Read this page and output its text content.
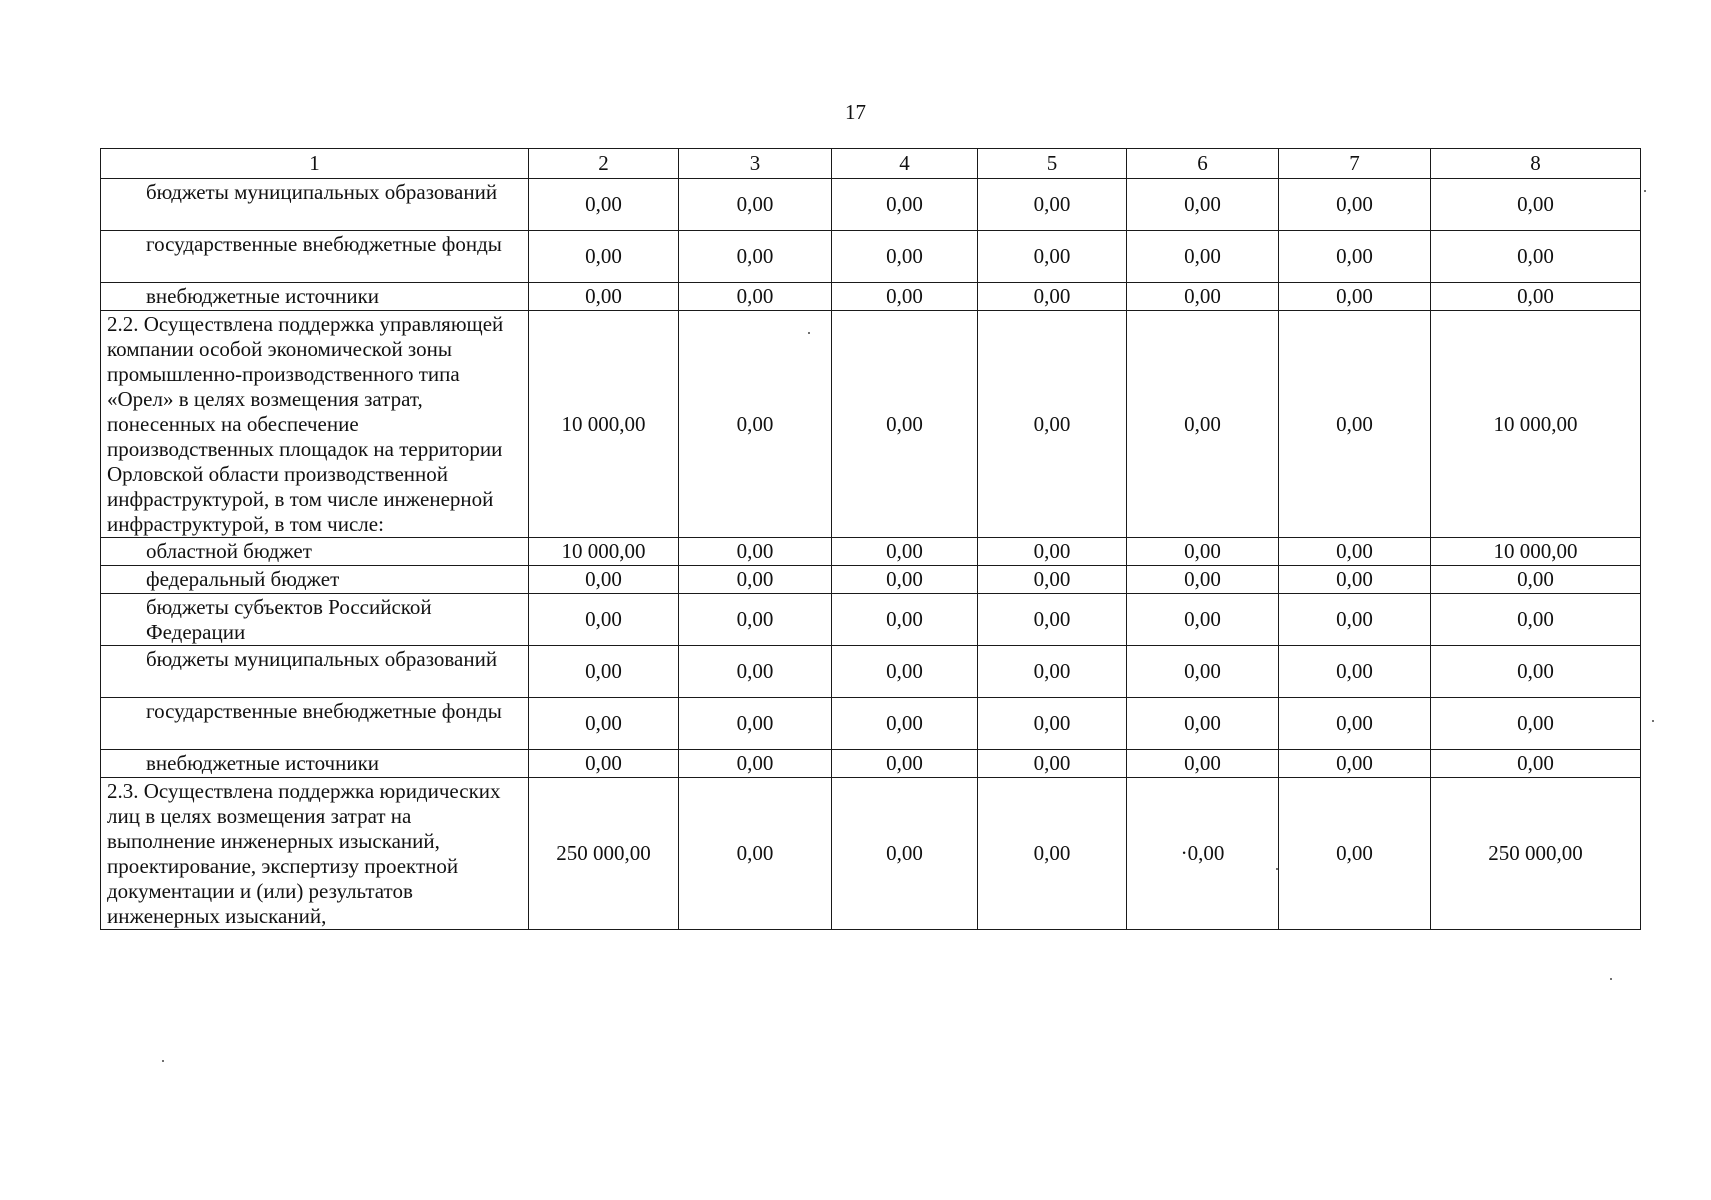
17
1	2	3	4	5	6	7	8
бюджеты муниципальных образований	0,00	0,00	0,00	0,00	0,00	0,00	0,00
государственные внебюджетные фонды	0,00	0,00	0,00	0,00	0,00	0,00	0,00
внебюджетные источники	0,00	0,00	0,00	0,00	0,00	0,00	0,00
2.2. Осуществлена поддержка управляющей компании особой экономической зоны промышленно-производственного типа «Орел» в целях возмещения затрат, понесенных на обеспечение производственных площадок на территории Орловской области производственной инфраструктурой, в том числе инженерной инфраструктурой, в том числе:	10 000,00	0,00	0,00	0,00	0,00	0,00	10 000,00
областной бюджет	10 000,00	0,00	0,00	0,00	0,00	0,00	10 000,00
федеральный бюджет	0,00	0,00	0,00	0,00	0,00	0,00	0,00
бюджеты субъектов Российской Федерации	0,00	0,00	0,00	0,00	0,00	0,00	0,00
бюджеты муниципальных образований	0,00	0,00	0,00	0,00	0,00	0,00	0,00
государственные внебюджетные фонды	0,00	0,00	0,00	0,00	0,00	0,00	0,00
внебюджетные источники	0,00	0,00	0,00	0,00	0,00	0,00	0,00
2.3. Осуществлена поддержка юридических лиц в целях возмещения затрат на выполнение инженерных изысканий, проектирование, экспертизу проектной документации и (или) результатов инженерных изысканий,	250 000,00	0,00	0,00	0,00	·0,00	0,00	250 000,00
